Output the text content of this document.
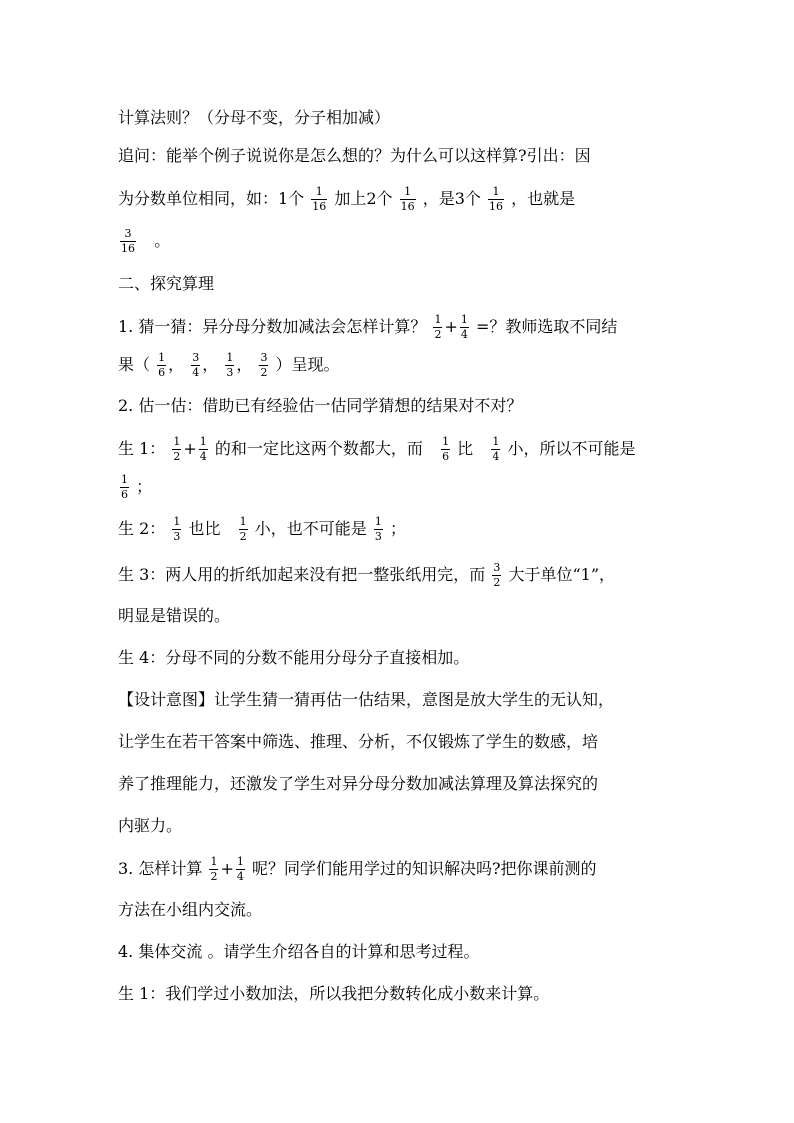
计算法则？（分母不变，分子相加减）
追问：能举个例子说说你是怎么想的？为什么可以这样算?引出：因
为分数单位相同，如：1个 $\frac{1}{16}$ 加上2个 $\frac{1}{16}$ ，是3个 $\frac{1}{16}$ ，也就是
$\frac{3}{16}$ 。
二、探究算理
1. 猜一猜：异分母分数加减法会怎样计算？ $\frac{1}{2} + \frac{1}{4}$ =？教师选取不同结
果（ $\frac{1}{6}$ ， $\frac{3}{4}$ ， $\frac{1}{3}$ ， $\frac{3}{2}$ ）呈现。
2. 估一估：借助已有经验估一估同学猜想的结果对不对？
生 1： $\frac{1}{2} + \frac{1}{4}$ 的和一定比这两个数都大，而 $\frac{1}{6}$ 比 $\frac{1}{4}$ 小，所以不可能是
$\frac{1}{6}$ ；
生 2： $\frac{1}{3}$ 也比 $\frac{1}{2}$ 小，也不可能是 $\frac{1}{3}$ ；
生 3：两人用的折纸加起来没有把一整张纸用完，而 $\frac{3}{2}$ 大于单位“1”，
明显是错误的。
生 4：分母不同的分数不能用分母分子直接相加。
【设计意图】让学生猜一猜再估一估结果，意图是放大学生的无认知，
让学生在若干答案中筛选、推理、分析，不仅锻炼了学生的数感，培
养了推理能力，还激发了学生对异分母分数加减法算理及算法探究的
内驱力。
3. 怎样计算 $\frac{1}{2} + \frac{1}{4}$ 呢？同学们能用学过的知识解决吗?把你课前测的
方法在小组内交流。
4. 集体交流 。请学生介绍各自的计算和思考过程。
生 1：我们学过小数加法，所以我把分数转化成小数来计算。
